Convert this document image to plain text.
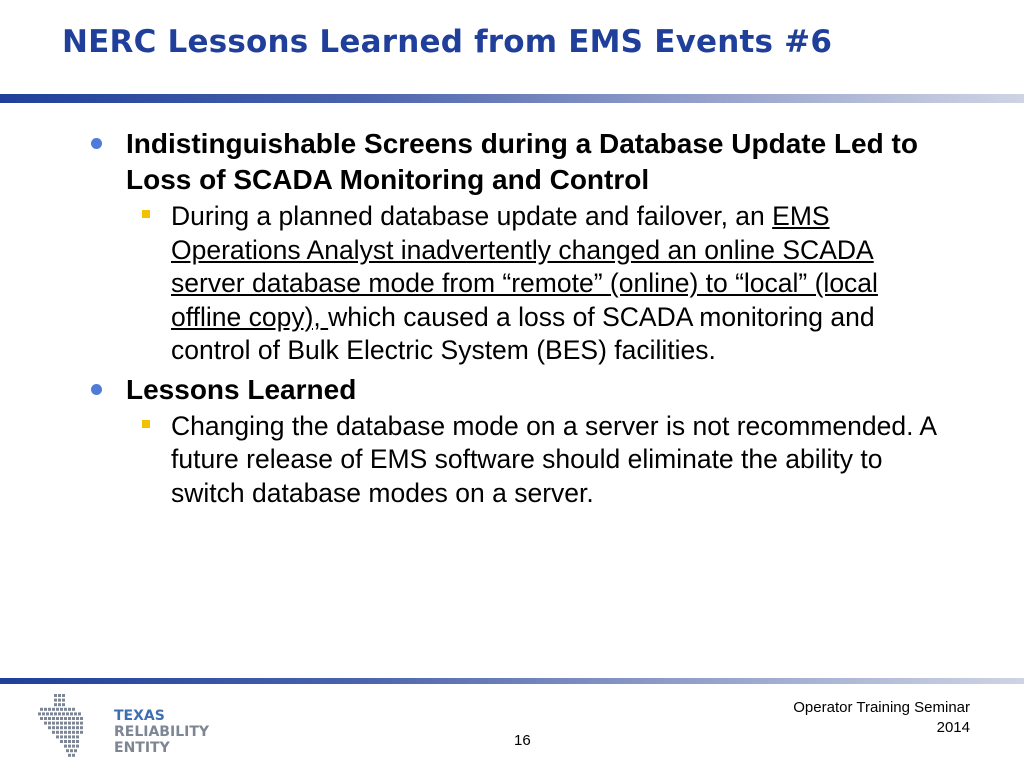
NERC Lessons Learned from EMS Events #6
Indistinguishable Screens during a Database Update Led to Loss of SCADA Monitoring and Control
During a planned database update and failover, an EMS Operations Analyst inadvertently changed an online SCADA server database mode from “remote” (online) to “local” (local offline copy), which caused a loss of SCADA monitoring and control of Bulk Electric System (BES) facilities.
Lessons Learned
Changing the database mode on a server is not recommended. A future release of EMS software should eliminate the ability to switch database modes on a server.
TEXAS
RELIABILITY
ENTITY
Operator Training Seminar
2014
16
